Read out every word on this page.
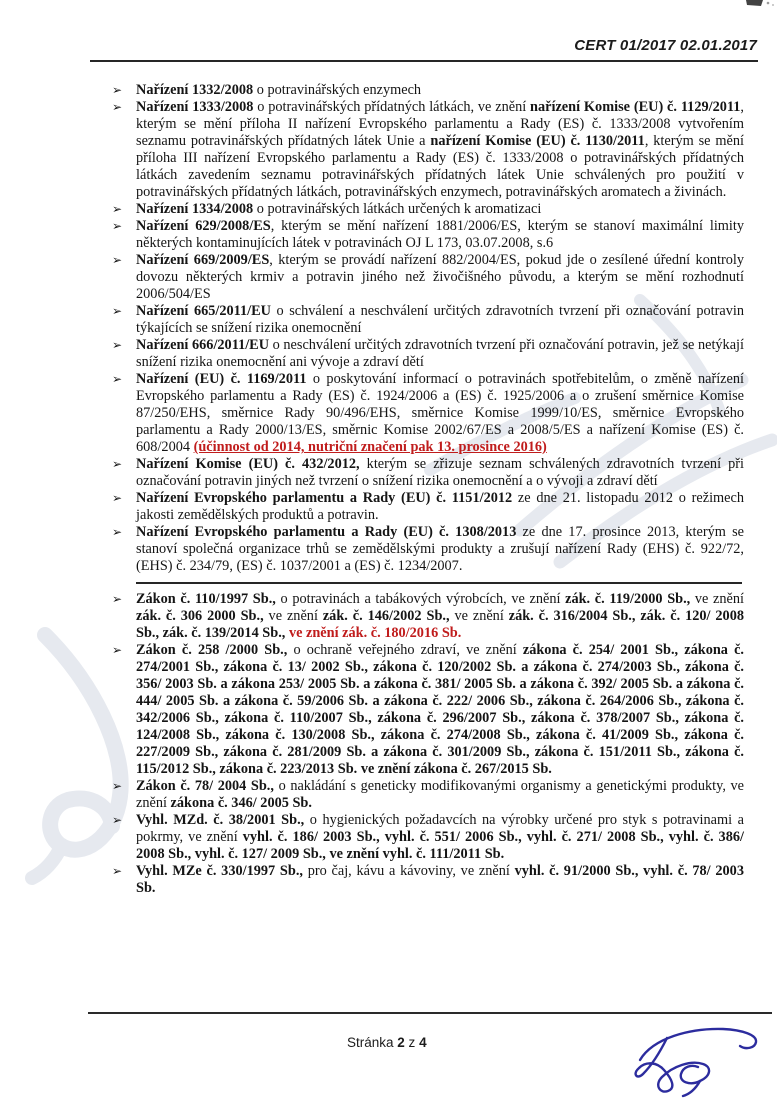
CERT 01/2017 02.01.2017
➢ Nařízení 1332/2008 o potravinářských enzymech
➢ Nařízení 1333/2008 o potravinářských přídatných látkách, ve znění nařízení Komise (EU) č. 1129/2011, kterým se mění příloha II nařízení Evropského parlamentu a Rady (ES) č. 1333/2008 vytvořením seznamu potravinářských přídatných látek Unie a nařízení Komise (EU) č. 1130/2011, kterým se mění příloha III nařízení Evropského parlamentu a Rady (ES) č. 1333/2008 o potravinářských přídatných látkách zavedením seznamu potravinářských přídatných látek Unie schválených pro použití v potravinářských přídatných látkách, potravinářských enzymech, potravinářských aromatech a živinách.
➢ Nařízení 1334/2008 o potravinářských látkách určených k aromatizaci
➢ Nařízení 629/2008/ES, kterým se mění nařízení 1881/2006/ES, kterým se stanoví maximální limity některých kontaminujících látek v potravinách OJ L 173, 03.07.2008, s.6
➢ Nařízení 669/2009/ES, kterým se provádí nařízení 882/2004/ES, pokud jde o zesílené úřední kontroly dovozu některých krmiv a potravin jiného než živočišného původu, a kterým se mění rozhodnutí 2006/504/ES
➢ Nařízení 665/2011/EU o schválení a neschválení určitých zdravotních tvrzení při označování potravin týkajících se snížení rizika onemocnění
➢ Nařízení 666/2011/EU o neschválení určitých zdravotních tvrzení při označování potravin, jež se netýkají snížení rizika onemocnění ani vývoje a zdraví dětí
➢ Nařízení (EU) č. 1169/2011 o poskytování informací o potravinách spotřebitelům, o změně nařízení Evropského parlamentu a Rady (ES) č. 1924/2006 a (ES) č. 1925/2006 a o zrušení směrnice Komise 87/250/EHS, směrnice Rady 90/496/EHS, směrnice Komise 1999/10/ES, směrnice Evropského parlamentu a Rady 2000/13/ES, směrnic Komise 2002/67/ES a 2008/5/ES a nařízení Komise (ES) č. 608/2004 (účinnost od 2014, nutriční značení pak 13. prosince 2016)
➢ Nařízení Komise (EU) č. 432/2012, kterým se zřizuje seznam schválených zdravotních tvrzení při označování potravin jiných než tvrzení o snížení rizika onemocnění a o vývoji a zdraví dětí
➢ Nařízení Evropského parlamentu a Rady (EU) č. 1151/2012 ze dne 21. listopadu 2012 o režimech jakosti zemědělských produktů a potravin.
➢ Nařízení Evropského parlamentu a Rady (EU) č. 1308/2013 ze dne 17. prosince 2013, kterým se stanoví společná organizace trhů se zemědělskými produkty a zrušují nařízení Rady (EHS) č. 922/72, (EHS) č. 234/79, (ES) č. 1037/2001 a (ES) č. 1234/2007.
➢ Zákon č. 110/1997 Sb., o potravinách a tabákových výrobcích, ve znění zák. č. 119/2000 Sb., ve znění zák. č. 306 2000 Sb., ve znění zák. č. 146/2002 Sb., ve znění zák. č. 316/2004 Sb., zák. č. 120/ 2008 Sb., zák. č. 139/2014 Sb., ve znění zák. č. 180/2016 Sb.
➢ Zákon č. 258 /2000 Sb., o ochraně veřejného zdraví, ve znění zákona č. 254/ 2001 Sb., zákona č. 274/2001 Sb., zákona č. 13/ 2002 Sb., zákona č. 120/2002 Sb. a zákona č. 274/2003 Sb., zákona č. 356/ 2003 Sb. a zákona 253/ 2005 Sb. a zákona č. 381/ 2005 Sb. a zákona č. 392/ 2005 Sb. a zákona č. 444/ 2005 Sb. a zákona č. 59/2006 Sb. a zákona č. 222/ 2006 Sb., zákona č. 264/2006 Sb., zákona č. 342/2006 Sb., zákona č. 110/2007 Sb., zákona č. 296/2007 Sb., zákona č. 378/2007 Sb., zákona č. 124/2008 Sb., zákona č. 130/2008 Sb., zákona č. 274/2008 Sb., zákona č. 41/2009 Sb., zákona č. 227/2009 Sb., zákona č. 281/2009 Sb. a zákona č. 301/2009 Sb., zákona č. 151/2011 Sb., zákona č. 115/2012 Sb., zákona č. 223/2013 Sb. ve znění zákona č. 267/2015 Sb.
➢ Zákon č. 78/ 2004 Sb., o nakládání s geneticky modifikovanými organismy a genetickými produkty, ve znění zákona č. 346/ 2005 Sb.
➢ Vyhl. MZd. č. 38/2001 Sb., o hygienických požadavcích na výrobky určené pro styk s potravinami a pokrmy, ve znění vyhl. č. 186/ 2003 Sb., vyhl. č. 551/ 2006 Sb., vyhl. č. 271/ 2008 Sb., vyhl. č. 386/ 2008 Sb., vyhl. č. 127/ 2009 Sb., ve znění vyhl. č. 111/2011 Sb.
➢ Vyhl. MZe č. 330/1997 Sb., pro čaj, kávu a kávoviny, ve znění vyhl. č. 91/2000 Sb., vyhl. č. 78/ 2003 Sb.
Stránka 2 z 4
